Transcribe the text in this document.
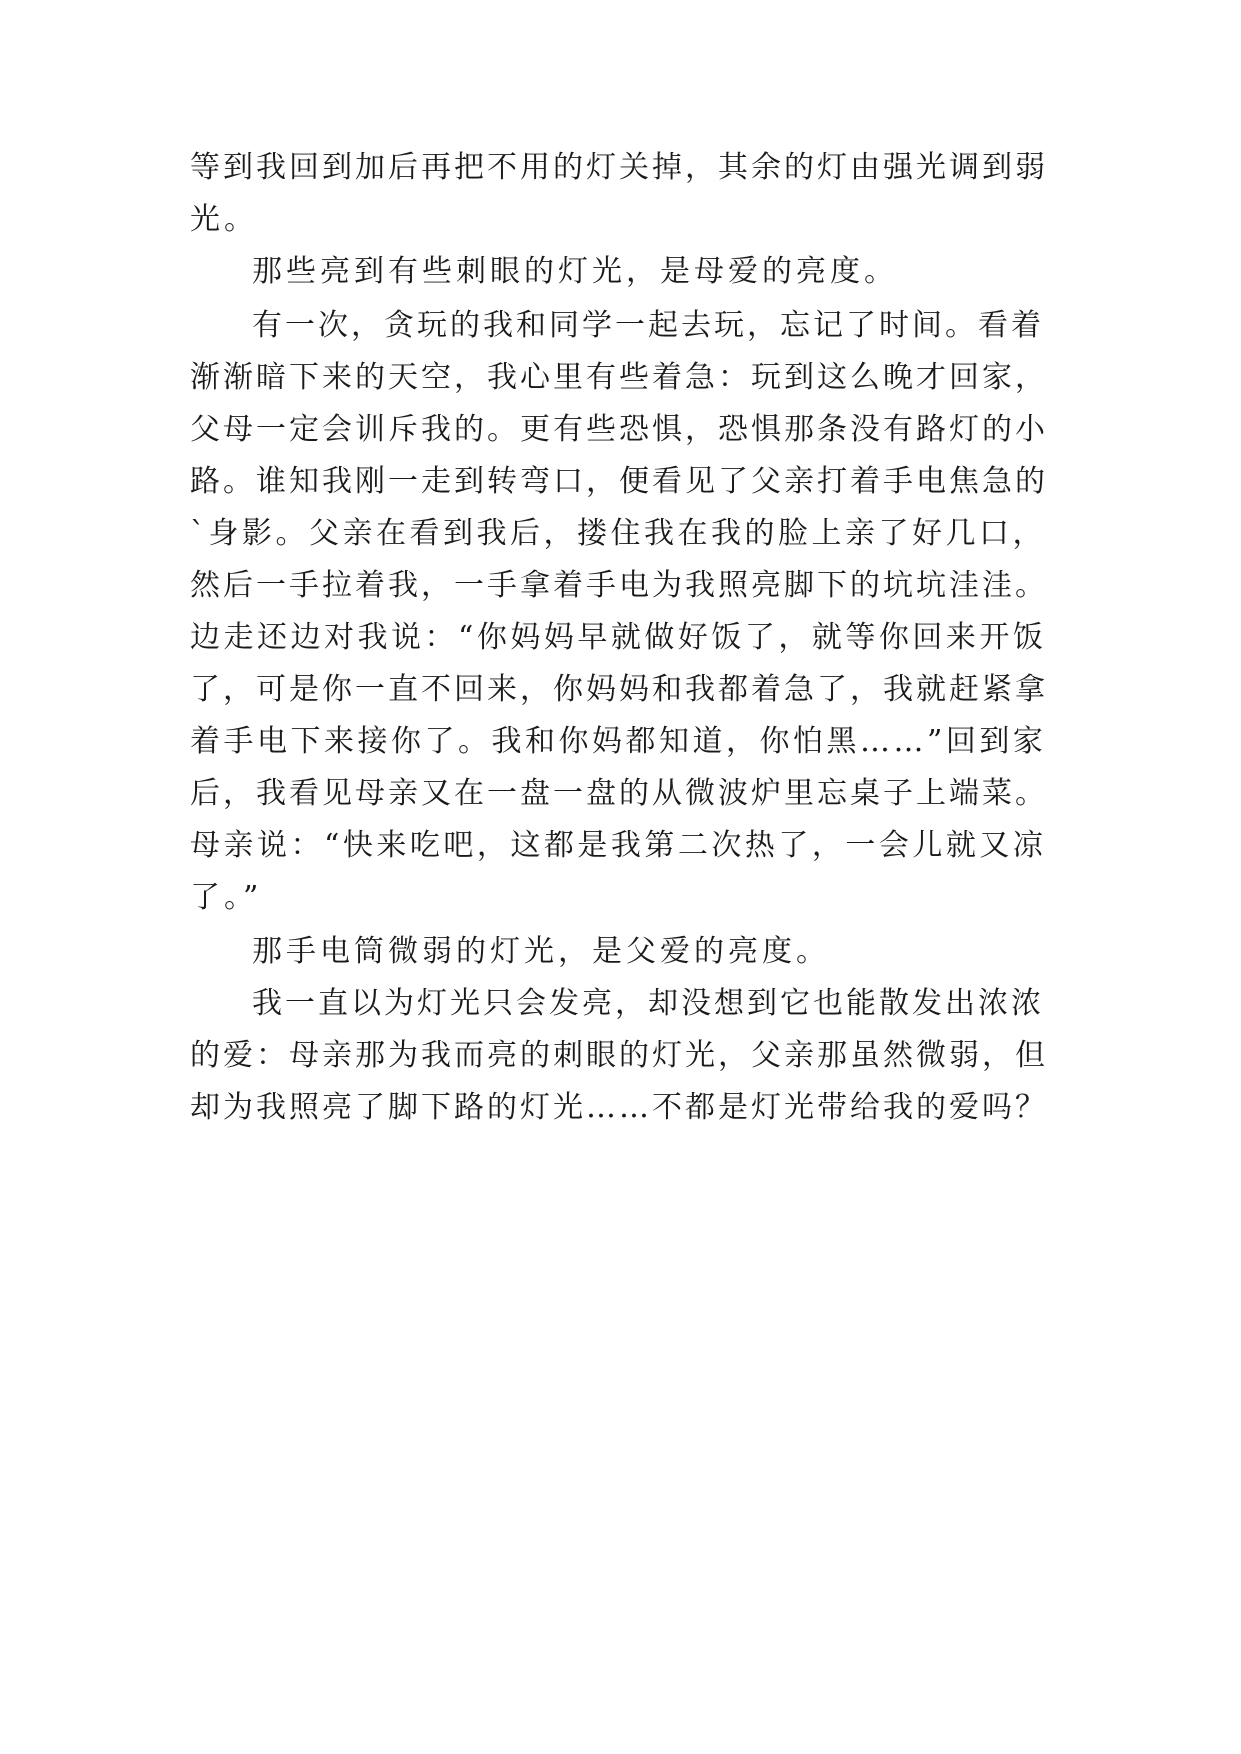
等到我回到加后再把不用的灯关掉，其余的灯由强光调到弱
光。
那些亮到有些刺眼的灯光，是母爱的亮度。
有一次，贪玩的我和同学一起去玩，忘记了时间。看着
渐渐暗下来的天空，我心里有些着急：玩到这么晚才回家，
父母一定会训斥我的。更有些恐惧，恐惧那条没有路灯的小
路。谁知我刚一走到转弯口，便看见了父亲打着手电焦急的
`身影。父亲在看到我后，搂住我在我的脸上亲了好几口，
然后一手拉着我，一手拿着手电为我照亮脚下的坑坑洼洼。
边走还边对我说：“你妈妈早就做好饭了，就等你回来开饭
了，可是你一直不回来，你妈妈和我都着急了，我就赶紧拿
着手电下来接你了。我和你妈都知道，你怕黑……”回到家
后，我看见母亲又在一盘一盘的从微波炉里忘桌子上端菜。
母亲说：“快来吃吧，这都是我第二次热了，一会儿就又凉
了。”
那手电筒微弱的灯光，是父爱的亮度。
我一直以为灯光只会发亮，却没想到它也能散发出浓浓
的爱：母亲那为我而亮的刺眼的灯光，父亲那虽然微弱，但
却为我照亮了脚下路的灯光……不都是灯光带给我的爱吗？
